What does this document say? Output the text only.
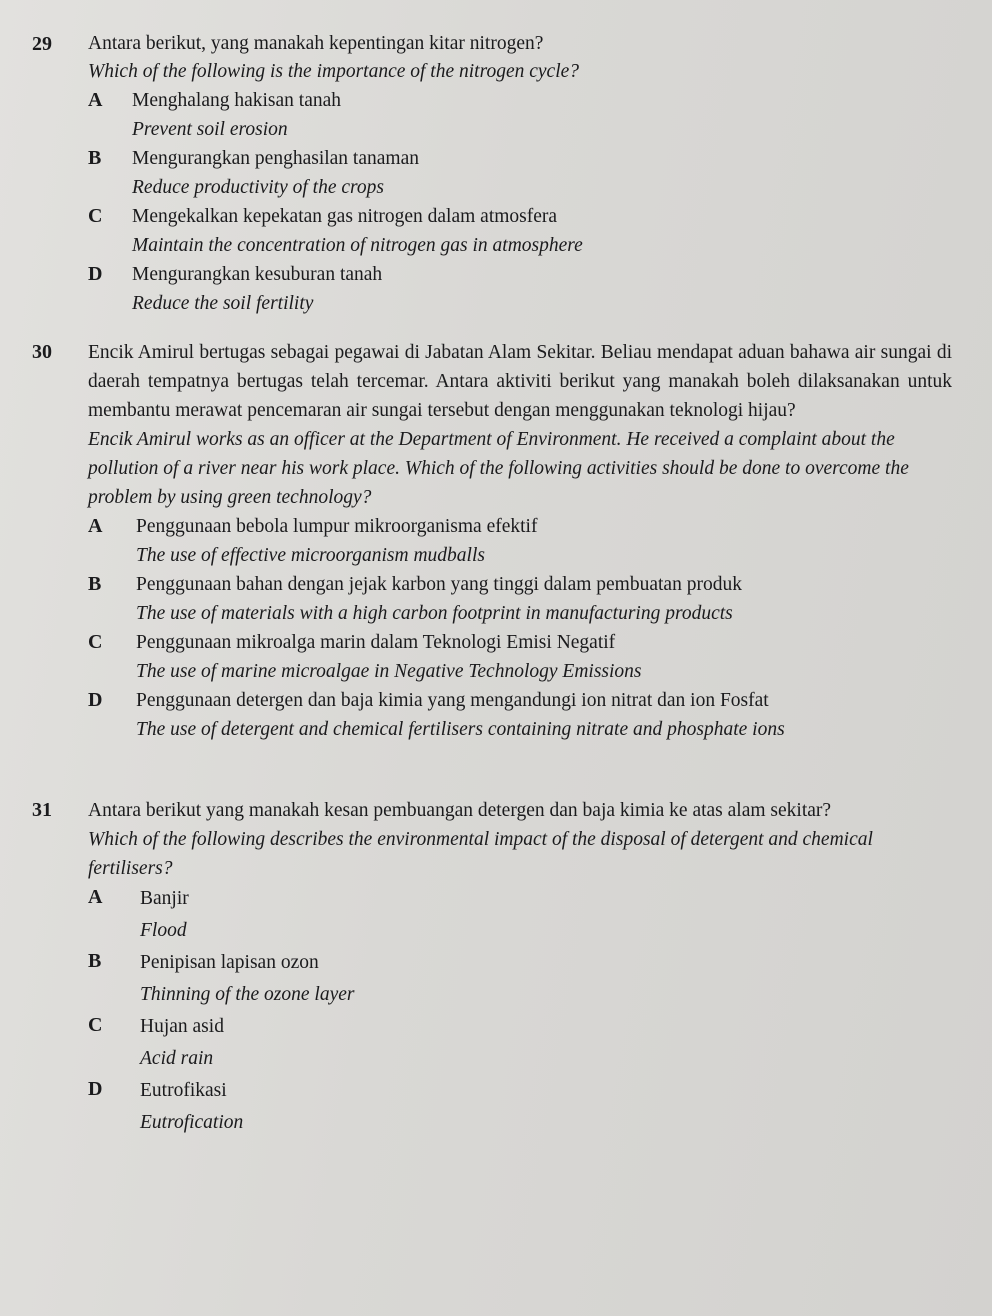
29 Antara berikut, yang manakah kepentingan kitar nitrogen?
Which of the following is the importance of the nitrogen cycle?
A Menghalang hakisan tanah
Prevent soil erosion
B Mengurangkan penghasilan tanaman
Reduce productivity of the crops
C Mengekalkan kepekatan gas nitrogen dalam atmosfera
Maintain the concentration of nitrogen gas in atmosphere
D Mengurangkan kesuburan tanah
Reduce the soil fertility
30 Encik Amirul bertugas sebagai pegawai di Jabatan Alam Sekitar. Beliau mendapat aduan bahawa air sungai di daerah tempatnya bertugas telah tercemar. Antara aktiviti berikut yang manakah boleh dilaksanakan untuk membantu merawat pencemaran air sungai tersebut dengan menggunakan teknologi hijau?
Encik Amirul works as an officer at the Department of Environment. He received a complaint about the pollution of a river near his work place. Which of the following activities should be done to overcome the problem by using green technology?
A Penggunaan bebola lumpur mikroorganisma efektif
The use of effective microorganism mudballs
B Penggunaan bahan dengan jejak karbon yang tinggi dalam pembuatan produk
The use of materials with a high carbon footprint in manufacturing products
C Penggunaan mikroalga marin dalam Teknologi Emisi Negatif
The use of marine microalgae in Negative Technology Emissions
D Penggunaan detergen dan baja kimia yang mengandungi ion nitrat dan ion Fosfat
The use of detergent and chemical fertilisers containing nitrate and phosphate ions
31 Antara berikut yang manakah kesan pembuangan detergen dan baja kimia ke atas alam sekitar?
Which of the following describes the environmental impact of the disposal of detergent and chemical fertilisers?
A Banjir
Flood
B Penipisan lapisan ozon
Thinning of the ozone layer
C Hujan asid
Acid rain
D Eutrofikasi
Eutrofication
